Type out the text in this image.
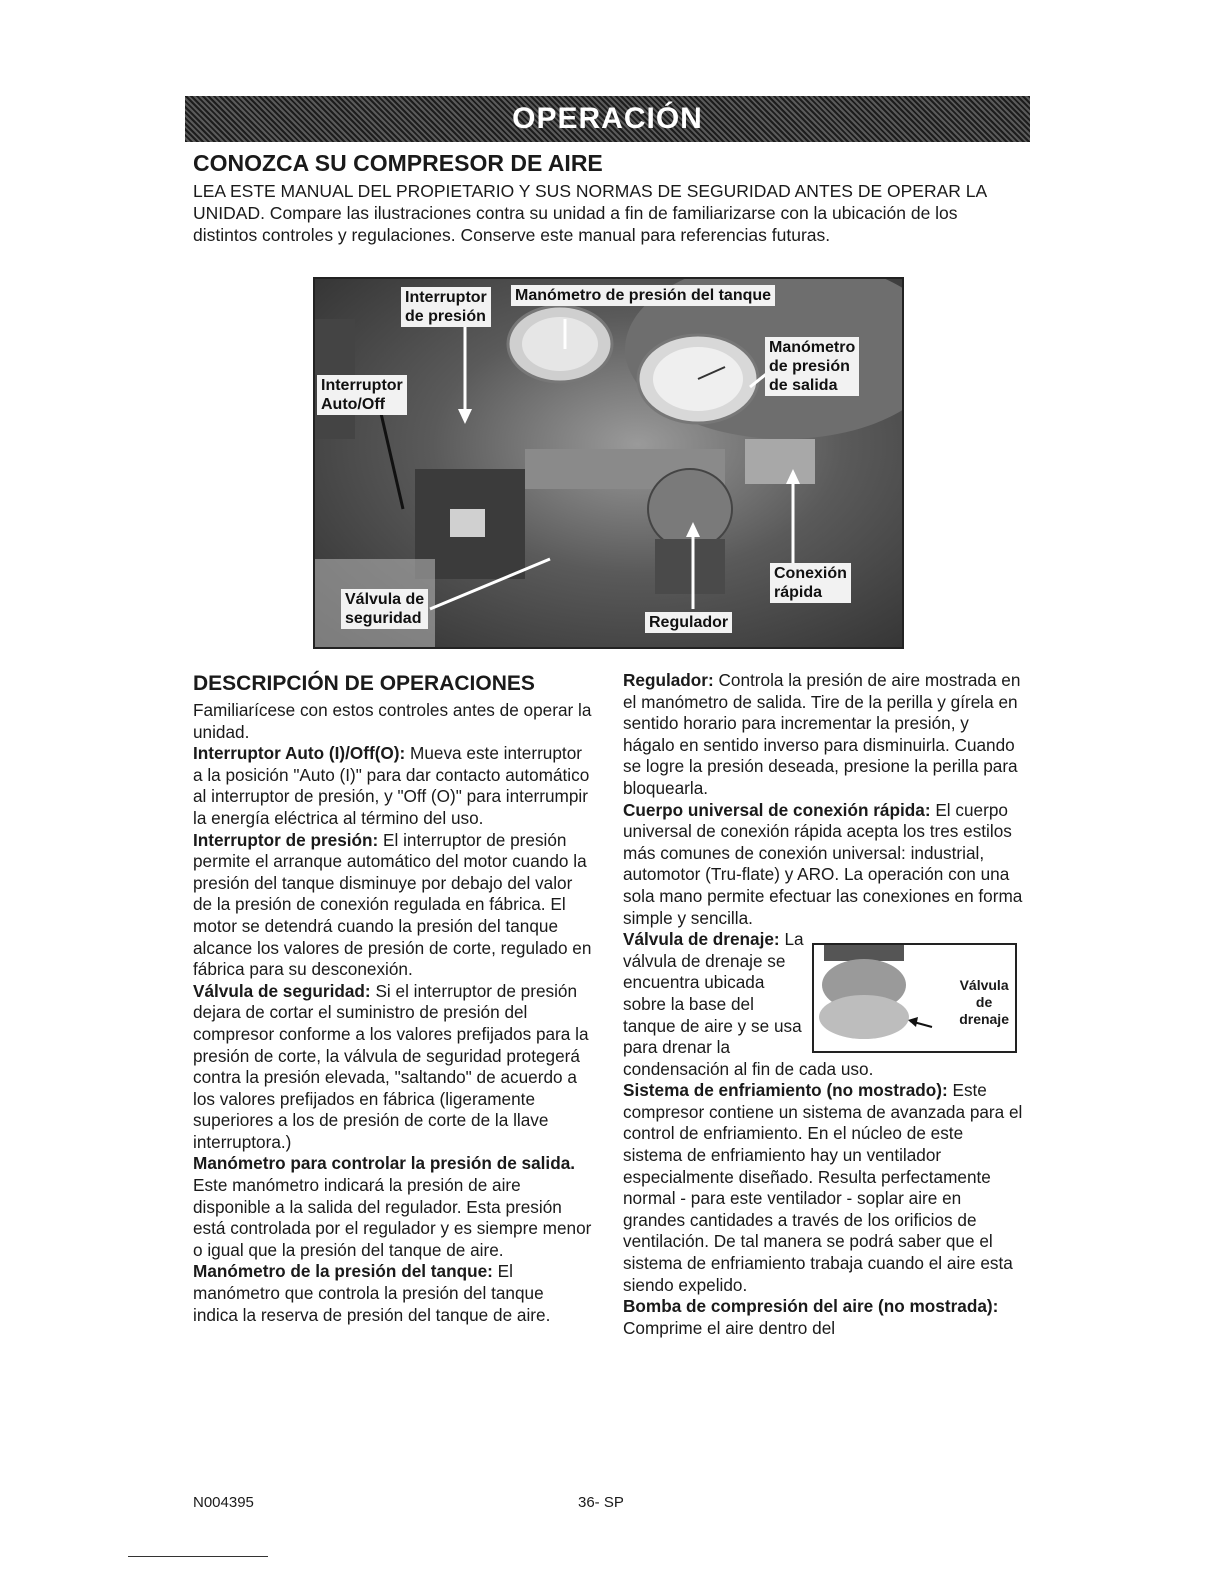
OPERACIÓN
CONOZCA SU COMPRESOR DE AIRE

LEA ESTE MANUAL DEL PROPIETARIO Y SUS NORMAS DE SEGURIDAD ANTES DE OPERAR LA UNIDAD. Compare las ilustraciones contra su unidad a fin de familiarizarse con la ubicación de los distintos controles y regulaciones. Conserve este manual para referencias futuras.

Interruptor
de presión
Manómetro de presión del tanque
Manómetro
de presión
de salida
Interruptor
Auto/Off
Conexión
rápida
Válvula de
seguridad	Regulador
DESCRIPCIÓN DE OPERACIONES

Familiarícese con estos controles antes de operar la unidad.

Interruptor Auto (I)/Off(O): Mueva este interruptor a la posición "Auto (I)" para dar contacto automático al interruptor de presión, y "Off (O)" para interrumpir la energía eléctrica al término del uso.

Interruptor de presión: El interruptor de presión permite el arranque automático del motor cuando la presión del tanque disminuye por debajo del valor de la presión de conexión regulada en fábrica. El motor se detendrá cuando la presión del tanque alcance los valores de presión de corte, regulado en fábrica para su desconexión.

Válvula de seguridad: Si el interruptor de presión dejara de cortar el suministro de presión del compresor conforme a los valores prefijados para la presión de corte, la válvula de seguridad protegerá contra la presión elevada, "saltando" de acuerdo a los valores prefijados en fábrica (ligeramente superiores a los de presión de corte de la llave interruptora.)

Manómetro para controlar la presión de salida. Este manómetro indicará la presión de aire disponible a la salida del regulador. Esta presión está controlada por el regulador y es siempre menor o igual que la presión del tanque de aire.

Manómetro de la presión del tanque: El manómetro que controla la presión del tanque indica la reserva de presión del tanque de aire.

Regulador: Controla la presión de aire mostrada en el manómetro de salida. Tire de la perilla y gírela en sentido horario para incrementar la presión, y hágalo en sentido inverso para disminuirla. Cuando se logre la presión deseada, presione la perilla para bloquearla.

Cuerpo universal de conexión rápida: El cuerpo universal de conexión rápida acepta los tres estilos más comunes de conexión universal: industrial, automotor (Tru-flate) y ARO. La operación con una sola mano permite efectuar las conexiones en forma simple y sencilla.

Válvula
de
drenaje

Válvula de drenaje: La válvula de drenaje se encuentra ubicada sobre la base del tanque de aire y se usa para drenar la condensación al fin de cada uso.

Sistema de enfriamiento (no mostrado): Este compresor contiene un sistema de avanzada para el control de enfriamiento. En el núcleo de este sistema de enfriamiento hay un ventilador especialmente diseñado. Resulta perfectamente normal - para este ventilador - soplar aire en grandes cantidades a través de los orificios de ventilación. De tal manera se podrá saber que el sistema de enfriamiento trabaja cuando el aire esta siendo expelido.

Bomba de compresión del aire (no mostrada): Comprime el aire dentro del

N004395	36- SP
